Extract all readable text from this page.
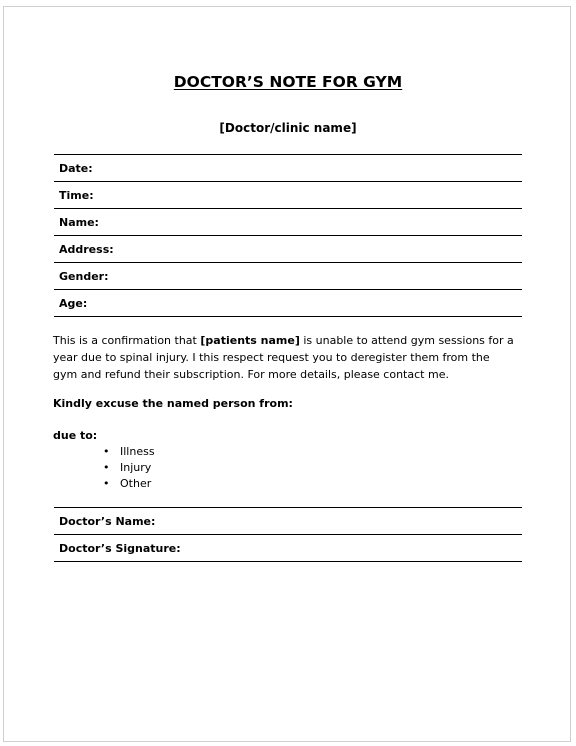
DOCTOR’S NOTE FOR GYM
[Doctor/clinic name]
Date:
Time:
Name:
Address:
Gender:
Age:
This is a confirmation that [patients name] is unable to attend gym sessions for a year due to spinal injury. I this respect request you to deregister them from the gym and refund their subscription. For more details, please contact me.
Kindly excuse the named person from:
due to:
• Illness
• Injury
• Other
Doctor’s Name:
Doctor’s Signature:
